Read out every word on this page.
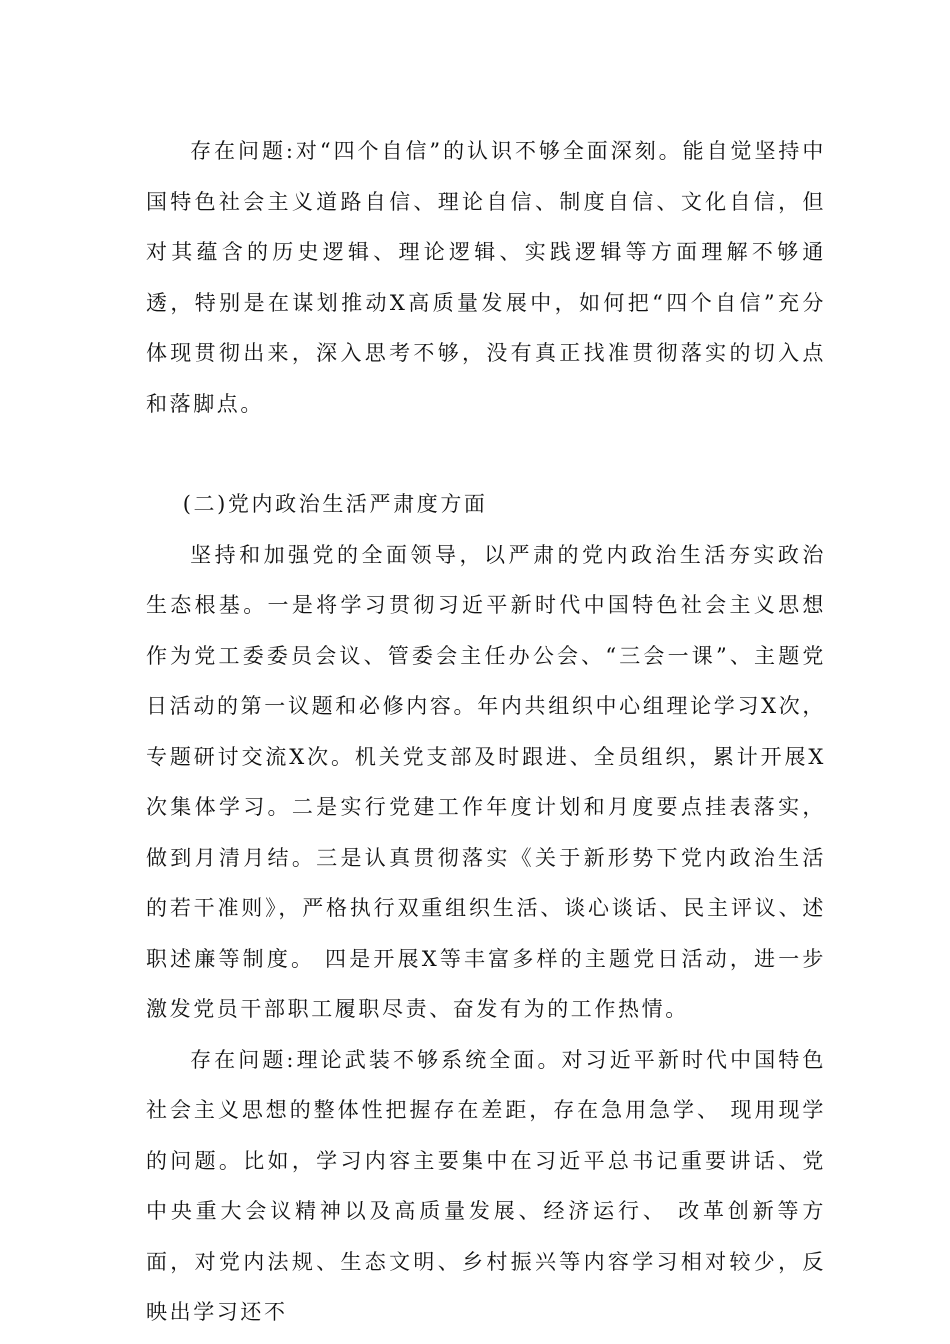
存在问题:对“四个自信”的认识不够全面深刻。能自觉坚持中国特色社会主义道路自信、理论自信、制度自信、文化自信，但对其蕴含的历史逻辑、理论逻辑、实践逻辑等方面理解不够通透，特别是在谋划推动X高质量发展中，如何把“四个自信”充分体现贯彻出来，深入思考不够，没有真正找准贯彻落实的切入点和落脚点。

(二)党内政治生活严肃度方面

坚持和加强党的全面领导，以严肃的党内政治生活夯实政治生态根基。一是将学习贯彻习近平新时代中国特色社会主义思想作为党工委委员会议、管委会主任办公会、“三会一课”、主题党日活动的第一议题和必修内容。年内共组织中心组理论学习X次，专题研讨交流X次。机关党支部及时跟进、全员组织，累计开展X次集体学习。二是实行党建工作年度计划和月度要点挂表落实，做到月清月结。三是认真贯彻落实《关于新形势下党内政治生活的若干准则》，严格执行双重组织生活、谈心谈话、民主评议、述职述廉等制度。 四是开展X等丰富多样的主题党日活动，进一步激发党员干部职工履职尽责、奋发有为的工作热情。

存在问题:理论武装不够系统全面。对习近平新时代中国特色社会主义思想的整体性把握存在差距，存在急用急学、 现用现学的问题。比如，学习内容主要集中在习近平总书记重要讲话、党中央重大会议精神以及高质量发展、经济运行、 改革创新等方面，对党内法规、生态文明、乡村振兴等内容学习相对较少，反映出学习还不
